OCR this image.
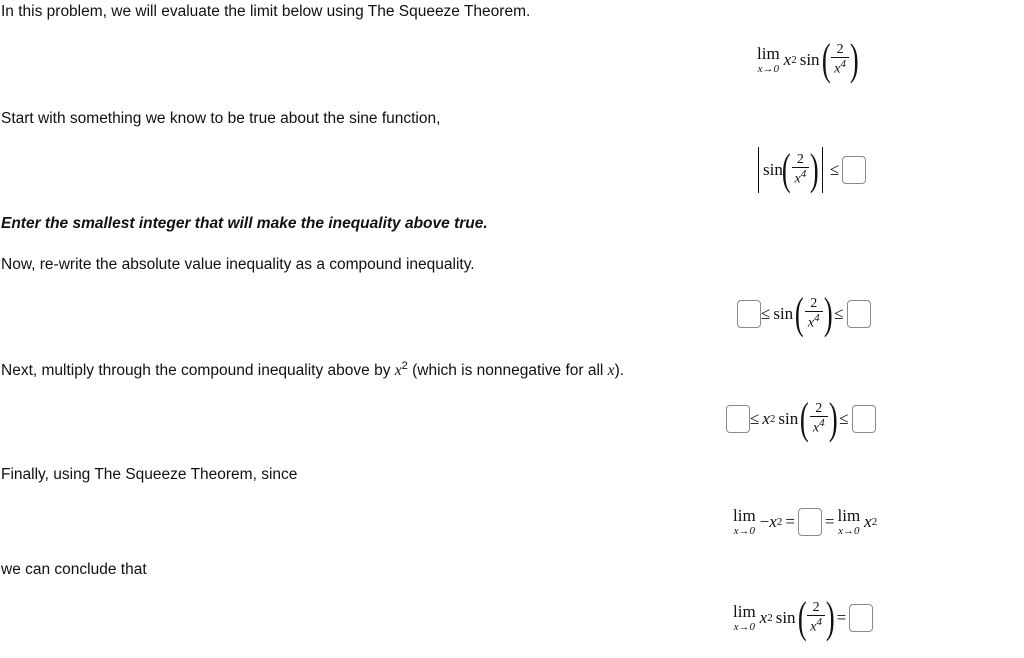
In this problem, we will evaluate the limit below using The Squeeze Theorem.
lim
x→0 x 2 sin ( $\frac{2}{x^4}$ )
Start with something we know to be true about the sine function,
sin
( $\frac{2}{x^4}$ ) ≤
Enter the smallest integer that will make the inequality above true.
Now, re-write the absolute value inequality as a compound inequality.
≤ sin ( $\frac{2}{x^4}$ ) ≤
Next, multiply through the compound inequality above by $x^2$ (which is nonnegative for all x).
≤ x 2 sin ( $\frac{2}{x^4}$ ) ≤
Finally, using The Squeeze Theorem, since
lim
x→0 − x 2 = = lim
x→0 x 2
we can conclude that
lim
x→0 x 2 sin ( $\frac{2}{x^4}$ ) =
